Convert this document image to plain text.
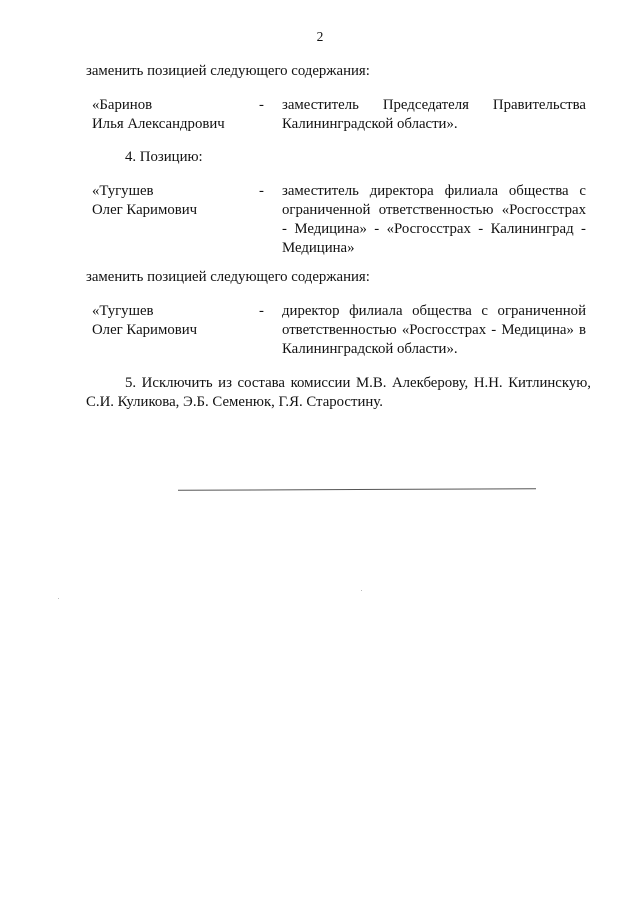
2

заменить позицией следующего содержания:

«Баринов
Илья Александрович
- заместитель Председателя Правительства
Калининградской области».

4. Позицию:

«Тугушев
Олег Каримович
- заместитель директора филиала общества с
ограниченной ответственностью «Росгосстрах
- Медицина» - «Росгосстрах - Калининград -
Медицина»

заменить позицией следующего содержания:

«Тугушев
Олег Каримович
- директор филиала общества с ограниченной
ответственностью «Росгосстрах - Медицина» в
Калининградской области».
5. Исключить из состава комиссии М.В. Алекберову, Н.Н. Китлинскую,
С.И. Куликова, Э.Б. Семенюк, Г.Я. Старостину.
